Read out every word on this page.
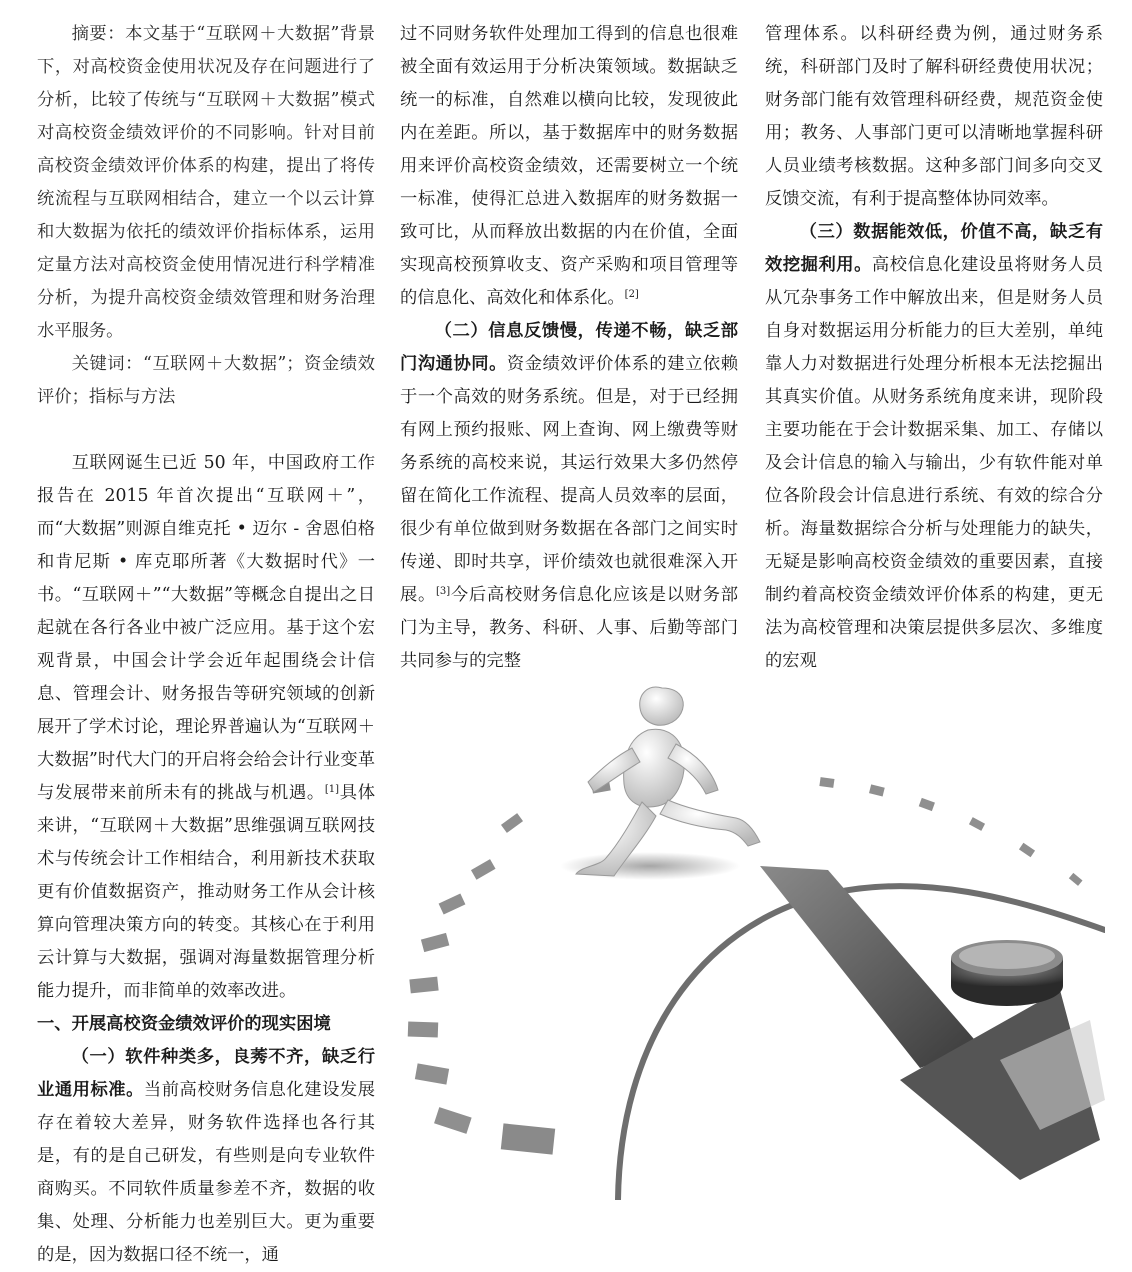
摘要：本文基于“互联网＋大数据”背景下，对高校资金使用状况及存在问题进行了分析，比较了传统与“互联网＋大数据”模式对高校资金绩效评价的不同影响。针对目前高校资金绩效评价体系的构建，提出了将传统流程与互联网相结合，建立一个以云计算和大数据为依托的绩效评价指标体系，运用定量方法对高校资金使用情况进行科学精准分析，为提升高校资金绩效管理和财务治理水平服务。

关键词：“互联网＋大数据”；资金绩效评价；指标与方法

互联网诞生已近 50 年，中国政府工作报告在 2015 年首次提出“互联网＋”，而“大数据”则源自维克托 • 迈尔 - 舍恩伯格和肯尼斯 • 库克耶所著《大数据时代》一书。“互联网＋”“大数据”等概念自提出之日起就在各行各业中被广泛应用。基于这个宏观背景，中国会计学会近年起围绕会计信息、管理会计、财务报告等研究领域的创新展开了学术讨论，理论界普遍认为“互联网＋大数据”时代大门的开启将会给会计行业变革与发展带来前所未有的挑战与机遇。[1]具体来讲，“互联网＋大数据”思维强调互联网技术与传统会计工作相结合，利用新技术获取更有价值数据资产，推动财务工作从会计核算向管理决策方向的转变。其核心在于利用云计算与大数据，强调对海量数据管理分析能力提升，而非简单的效率改进。

一、开展高校资金绩效评价的现实困境

（一）软件种类多，良莠不齐，缺乏行业通用标准。当前高校财务信息化建设发展存在着较大差异，财务软件选择也各行其是，有的是自己研发，有些则是向专业软件商购买。不同软件质量参差不齐，数据的收集、处理、分析能力也差别巨大。更为重要的是，因为数据口径不统一，通

过不同财务软件处理加工得到的信息也很难被全面有效运用于分析决策领域。数据缺乏统一的标准，自然难以横向比较，发现彼此内在差距。所以，基于数据库中的财务数据用来评价高校资金绩效，还需要树立一个统一标准，使得汇总进入数据库的财务数据一致可比，从而释放出数据的内在价值，全面实现高校预算收支、资产采购和项目管理等的信息化、高效化和体系化。[2]

（二）信息反馈慢，传递不畅，缺乏部门沟通协同。资金绩效评价体系的建立依赖于一个高效的财务系统。但是，对于已经拥有网上预约报账、网上查询、网上缴费等财务系统的高校来说，其运行效果大多仍然停留在简化工作流程、提高人员效率的层面，很少有单位做到财务数据在各部门之间实时传递、即时共享，评价绩效也就很难深入开展。[3]今后高校财务信息化应该是以财务部门为主导，教务、科研、人事、后勤等部门共同参与的完整

管理体系。以科研经费为例，通过财务系统，科研部门及时了解科研经费使用状况；财务部门能有效管理科研经费，规范资金使用；教务、人事部门更可以清晰地掌握科研人员业绩考核数据。这种多部门间多向交叉反馈交流，有利于提高整体协同效率。

（三）数据能效低，价值不高，缺乏有效挖掘利用。高校信息化建设虽将财务人员从冗杂事务工作中解放出来，但是财务人员自身对数据运用分析能力的巨大差别，单纯靠人力对数据进行处理分析根本无法挖掘出其真实价值。从财务系统角度来讲，现阶段主要功能在于会计数据采集、加工、存储以及会计信息的输入与输出，少有软件能对单位各阶段会计信息进行系统、有效的综合分析。海量数据综合分析与处理能力的缺失，无疑是影响高校资金绩效的重要因素，直接制约着高校资金绩效评价体系的构建，更无法为高校管理和决策层提供多层次、多维度的宏观
